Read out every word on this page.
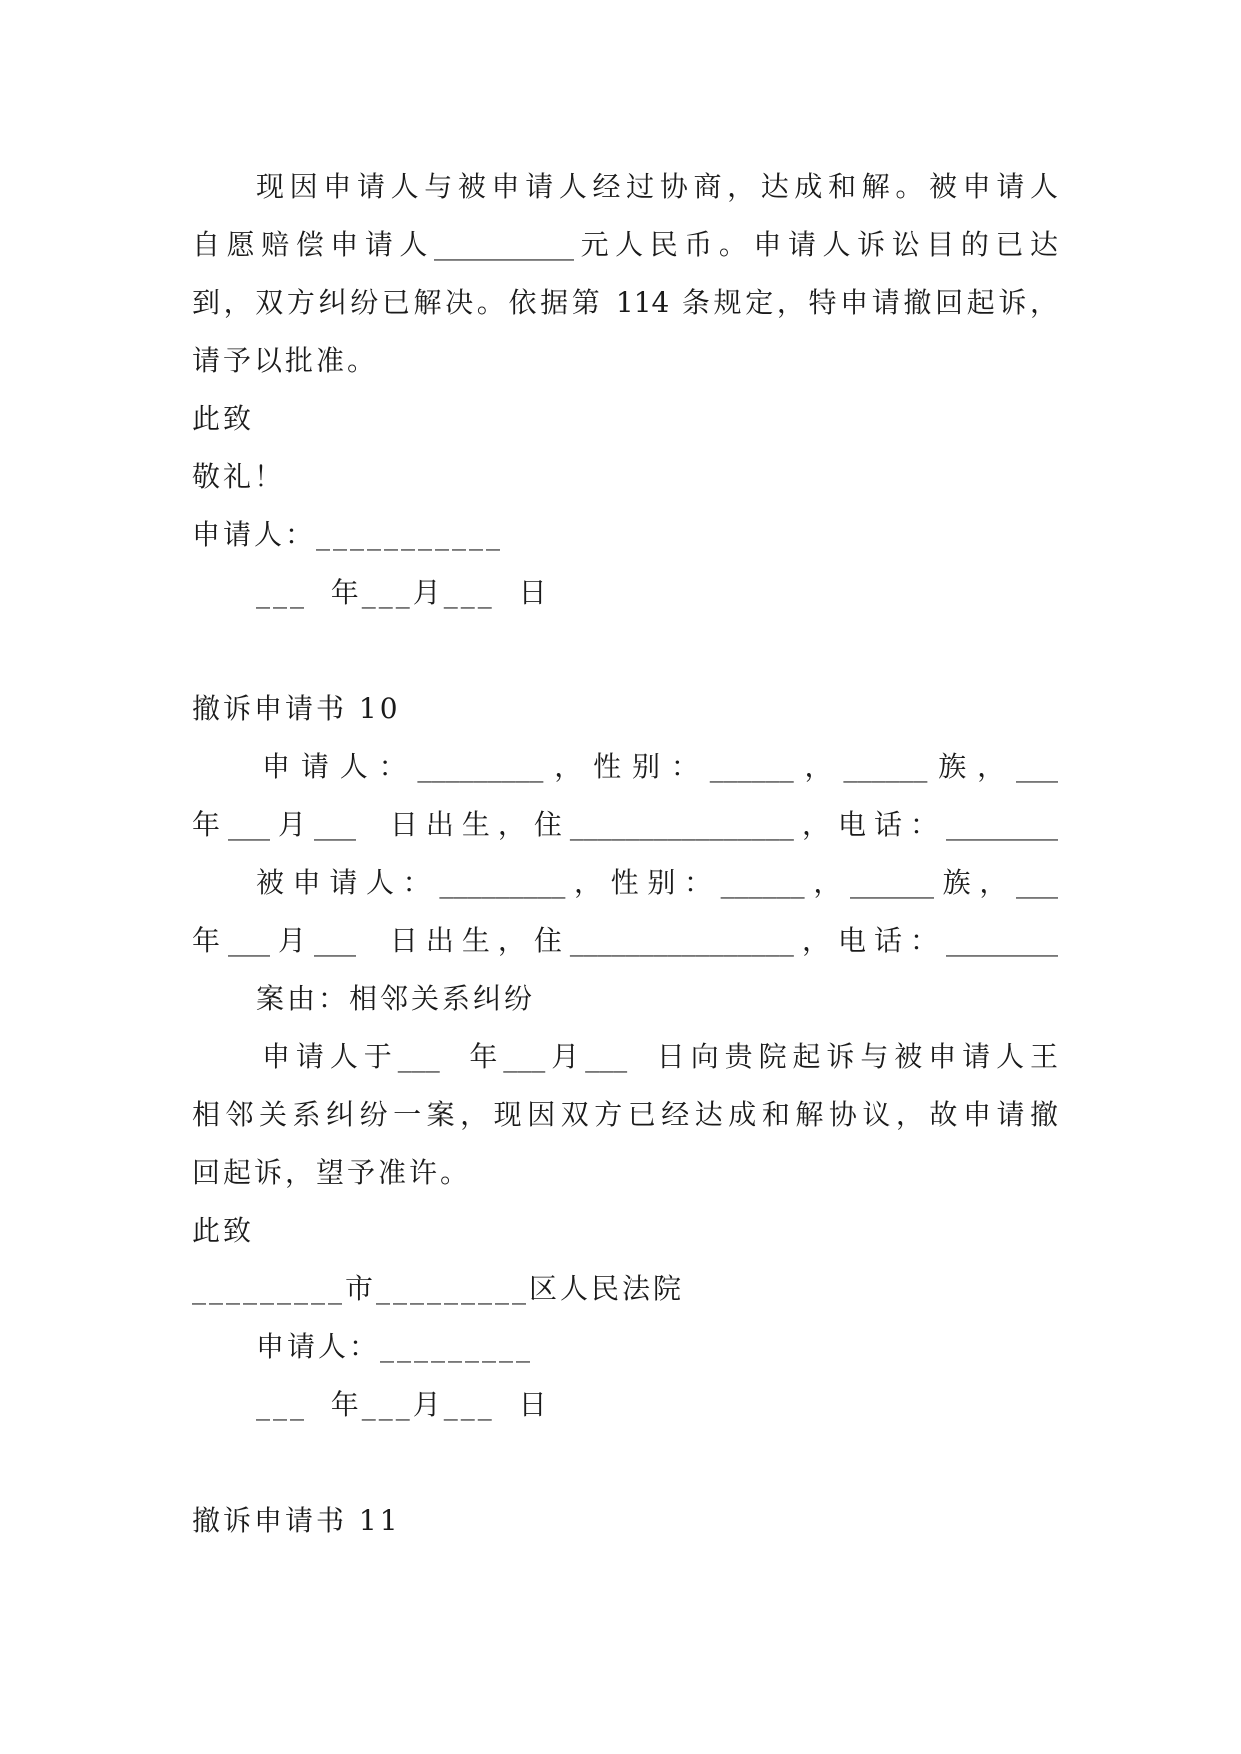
现因申请人与被申请人经过协商，达成和解。被申请人
自愿赔偿申请人__________元人民币。申请人诉讼目的已达
到，双方纠纷已解决。依据第 114 条规定，特申请撤回起诉，
请予以批准。
此致
敬礼！
申请人：___________
___  年___月___  日
撤诉申请书 10
申请人：_________，性别：______，______族，___
年___月___  日出生，住________________，电话：________
被申请人：_________，性别：______，______族，___
年___月___  日出生，住________________，电话：________
案由：相邻关系纠纷
申请人于___  年___月___  日向贵院起诉与被申请人王
相邻关系纠纷一案，现因双方已经达成和解协议，故申请撤
回起诉，望予准许。
此致
_________市_________区人民法院
申请人：_________
___  年___月___  日
撤诉申请书 11
